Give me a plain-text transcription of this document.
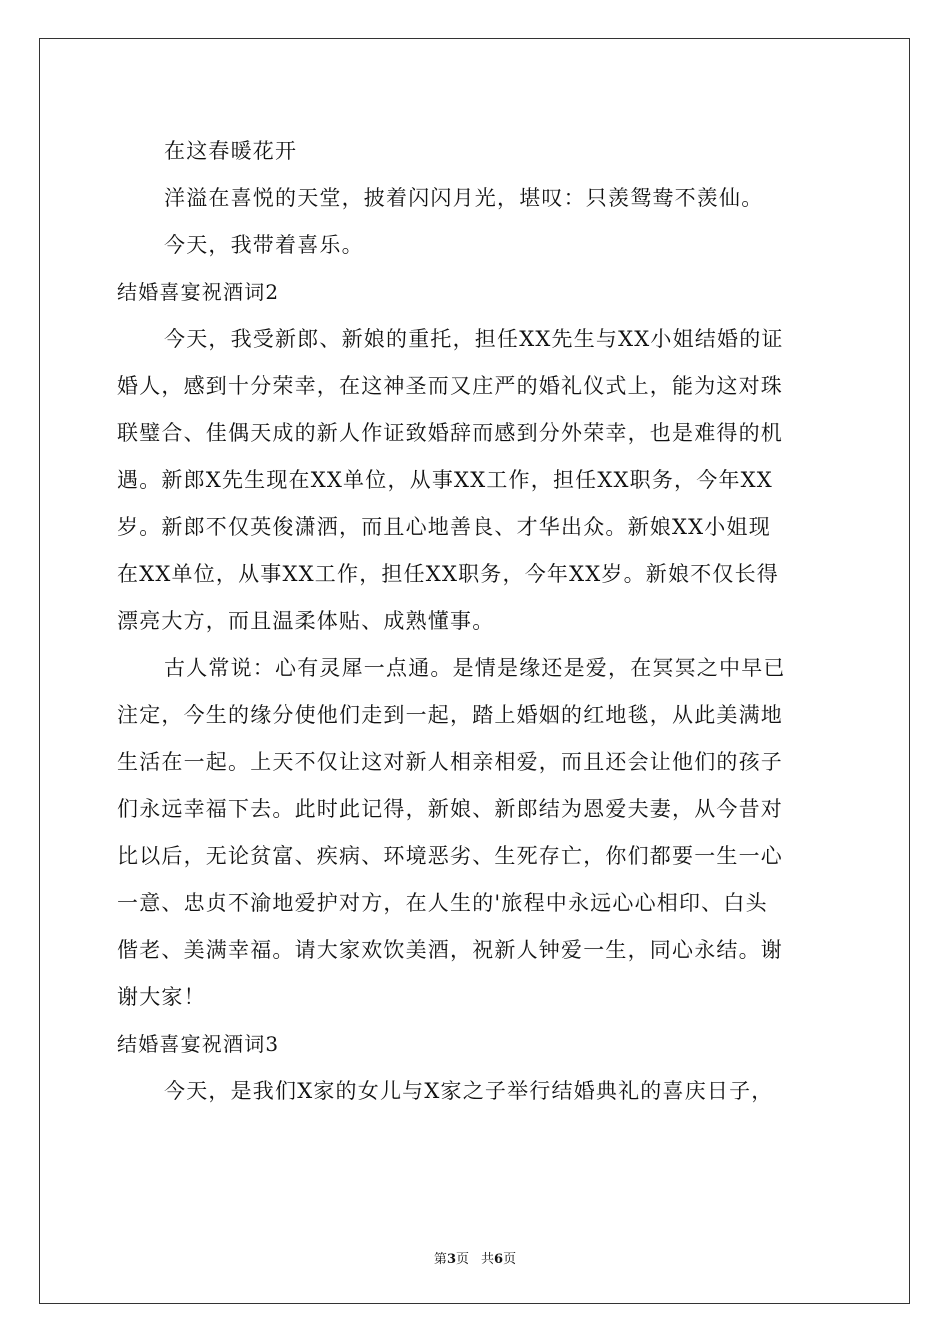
在这春暖花开
洋溢在喜悦的天堂，披着闪闪月光，堪叹：只羡鸳鸯不羡仙。
今天，我带着喜乐。
结婚喜宴祝酒词2
今天，我受新郎、新娘的重托，担任XX先生与XX小姐结婚的证
婚人，感到十分荣幸，在这神圣而又庄严的婚礼仪式上，能为这对珠
联璧合、佳偶天成的新人作证致婚辞而感到分外荣幸，也是难得的机
遇。新郎X先生现在XX单位，从事XX工作，担任XX职务，今年XX
岁。新郎不仅英俊潇洒，而且心地善良、才华出众。新娘XX小姐现
在XX单位，从事XX工作，担任XX职务，今年XX岁。新娘不仅长得
漂亮大方，而且温柔体贴、成熟懂事。
古人常说：心有灵犀一点通。是情是缘还是爱，在冥冥之中早已
注定，今生的缘分使他们走到一起，踏上婚姻的红地毯，从此美满地
生活在一起。上天不仅让这对新人相亲相爱，而且还会让他们的孩子
们永远幸福下去。此时此记得，新娘、新郎结为恩爱夫妻，从今昔对
比以后，无论贫富、疾病、环境恶劣、生死存亡，你们都要一生一心
一意、忠贞不渝地爱护对方，在人生的'旅程中永远心心相印、白头
偕老、美满幸福。请大家欢饮美酒，祝新人钟爱一生，同心永结。谢
谢大家！
结婚喜宴祝酒词3
今天，是我们X家的女儿与X家之子举行结婚典礼的喜庆日子，
第3页 共6页
